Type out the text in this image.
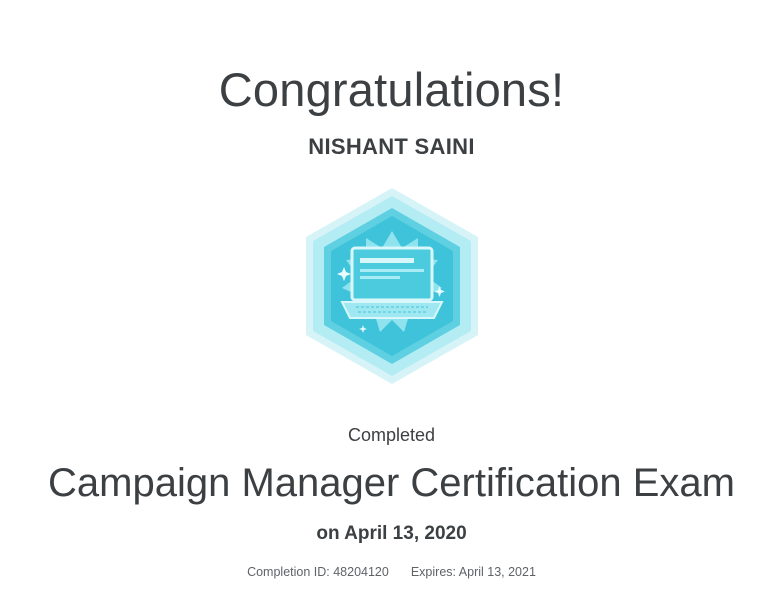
Congratulations!
NISHANT SAINI
Completed
Campaign Manager Certification Exam
on April 13, 2020
Completion ID: 48204120 Expires: April 13, 2021
